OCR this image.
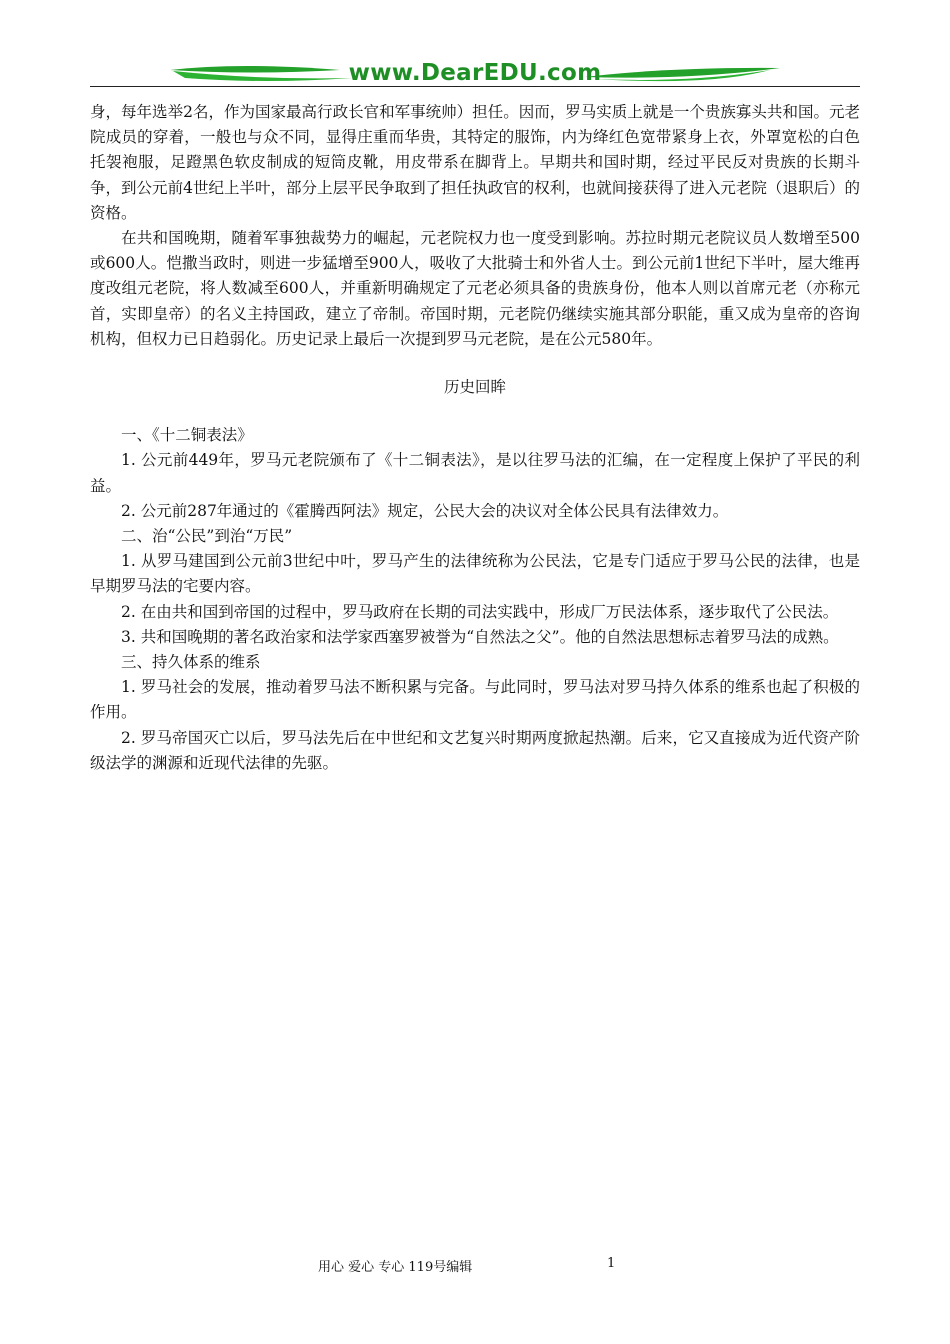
www.DearEDU.com

身，每年选举2名，作为国家最高行政长官和军事统帅）担任。因而，罗马实质上就是一个贵族寡头共和国。元老院成员的穿着，一般也与众不同，显得庄重而华贵，其特定的服饰，内为绛红色宽带紧身上衣，外罩宽松的白色托袈袍服，足蹬黑色软皮制成的短筒皮靴，用皮带系在脚背上。早期共和国时期，经过平民反对贵族的长期斗争，到公元前4世纪上半叶，部分上层平民争取到了担任执政官的权利，也就间接获得了进入元老院（退职后）的资格。

在共和国晚期，随着军事独裁势力的崛起，元老院权力也一度受到影响。苏拉时期元老院议员人数增至500或600人。恺撒当政时，则进一步猛增至900人，吸收了大批骑士和外省人士。到公元前1世纪下半叶，屋大维再度改组元老院，将人数减至600人，并重新明确规定了元老必须具备的贵族身份，他本人则以首席元老（亦称元首，实即皇帝）的名义主持国政，建立了帝制。帝国时期，元老院仍继续实施其部分职能，重又成为皇帝的咨询机构，但权力已日趋弱化。历史记录上最后一次提到罗马元老院，是在公元580年。

历史回眸

一、《十二铜表法》

1. 公元前449年，罗马元老院颁布了《十二铜表法》，是以往罗马法的汇编，在一定程度上保护了平民的利益。

2. 公元前287年通过的《霍腾西阿法》规定，公民大会的决议对全体公民具有法律效力。

二、治“公民”到治“万民”

1. 从罗马建国到公元前3世纪中叶，罗马产生的法律统称为公民法，它是专门适应于罗马公民的法律，也是早期罗马法的宅要内容。

2. 在由共和国到帝国的过程中，罗马政府在长期的司法实践中，形成厂万民法体系，逐步取代了公民法。

3. 共和国晚期的著名政治家和法学家西塞罗被誉为“自然法之父”。他的自然法思想标志着罗马法的成熟。

三、持久体系的维系

1. 罗马社会的发展，推动着罗马法不断积累与完备。与此同时，罗马法对罗马持久体系的维系也起了积极的作用。

2. 罗马帝国灭亡以后，罗马法先后在中世纪和文艺复兴时期两度掀起热潮。后来，它又直接成为近代资产阶级法学的渊源和近现代法律的先驱。

用心 爱心 专心 119号编辑	1
